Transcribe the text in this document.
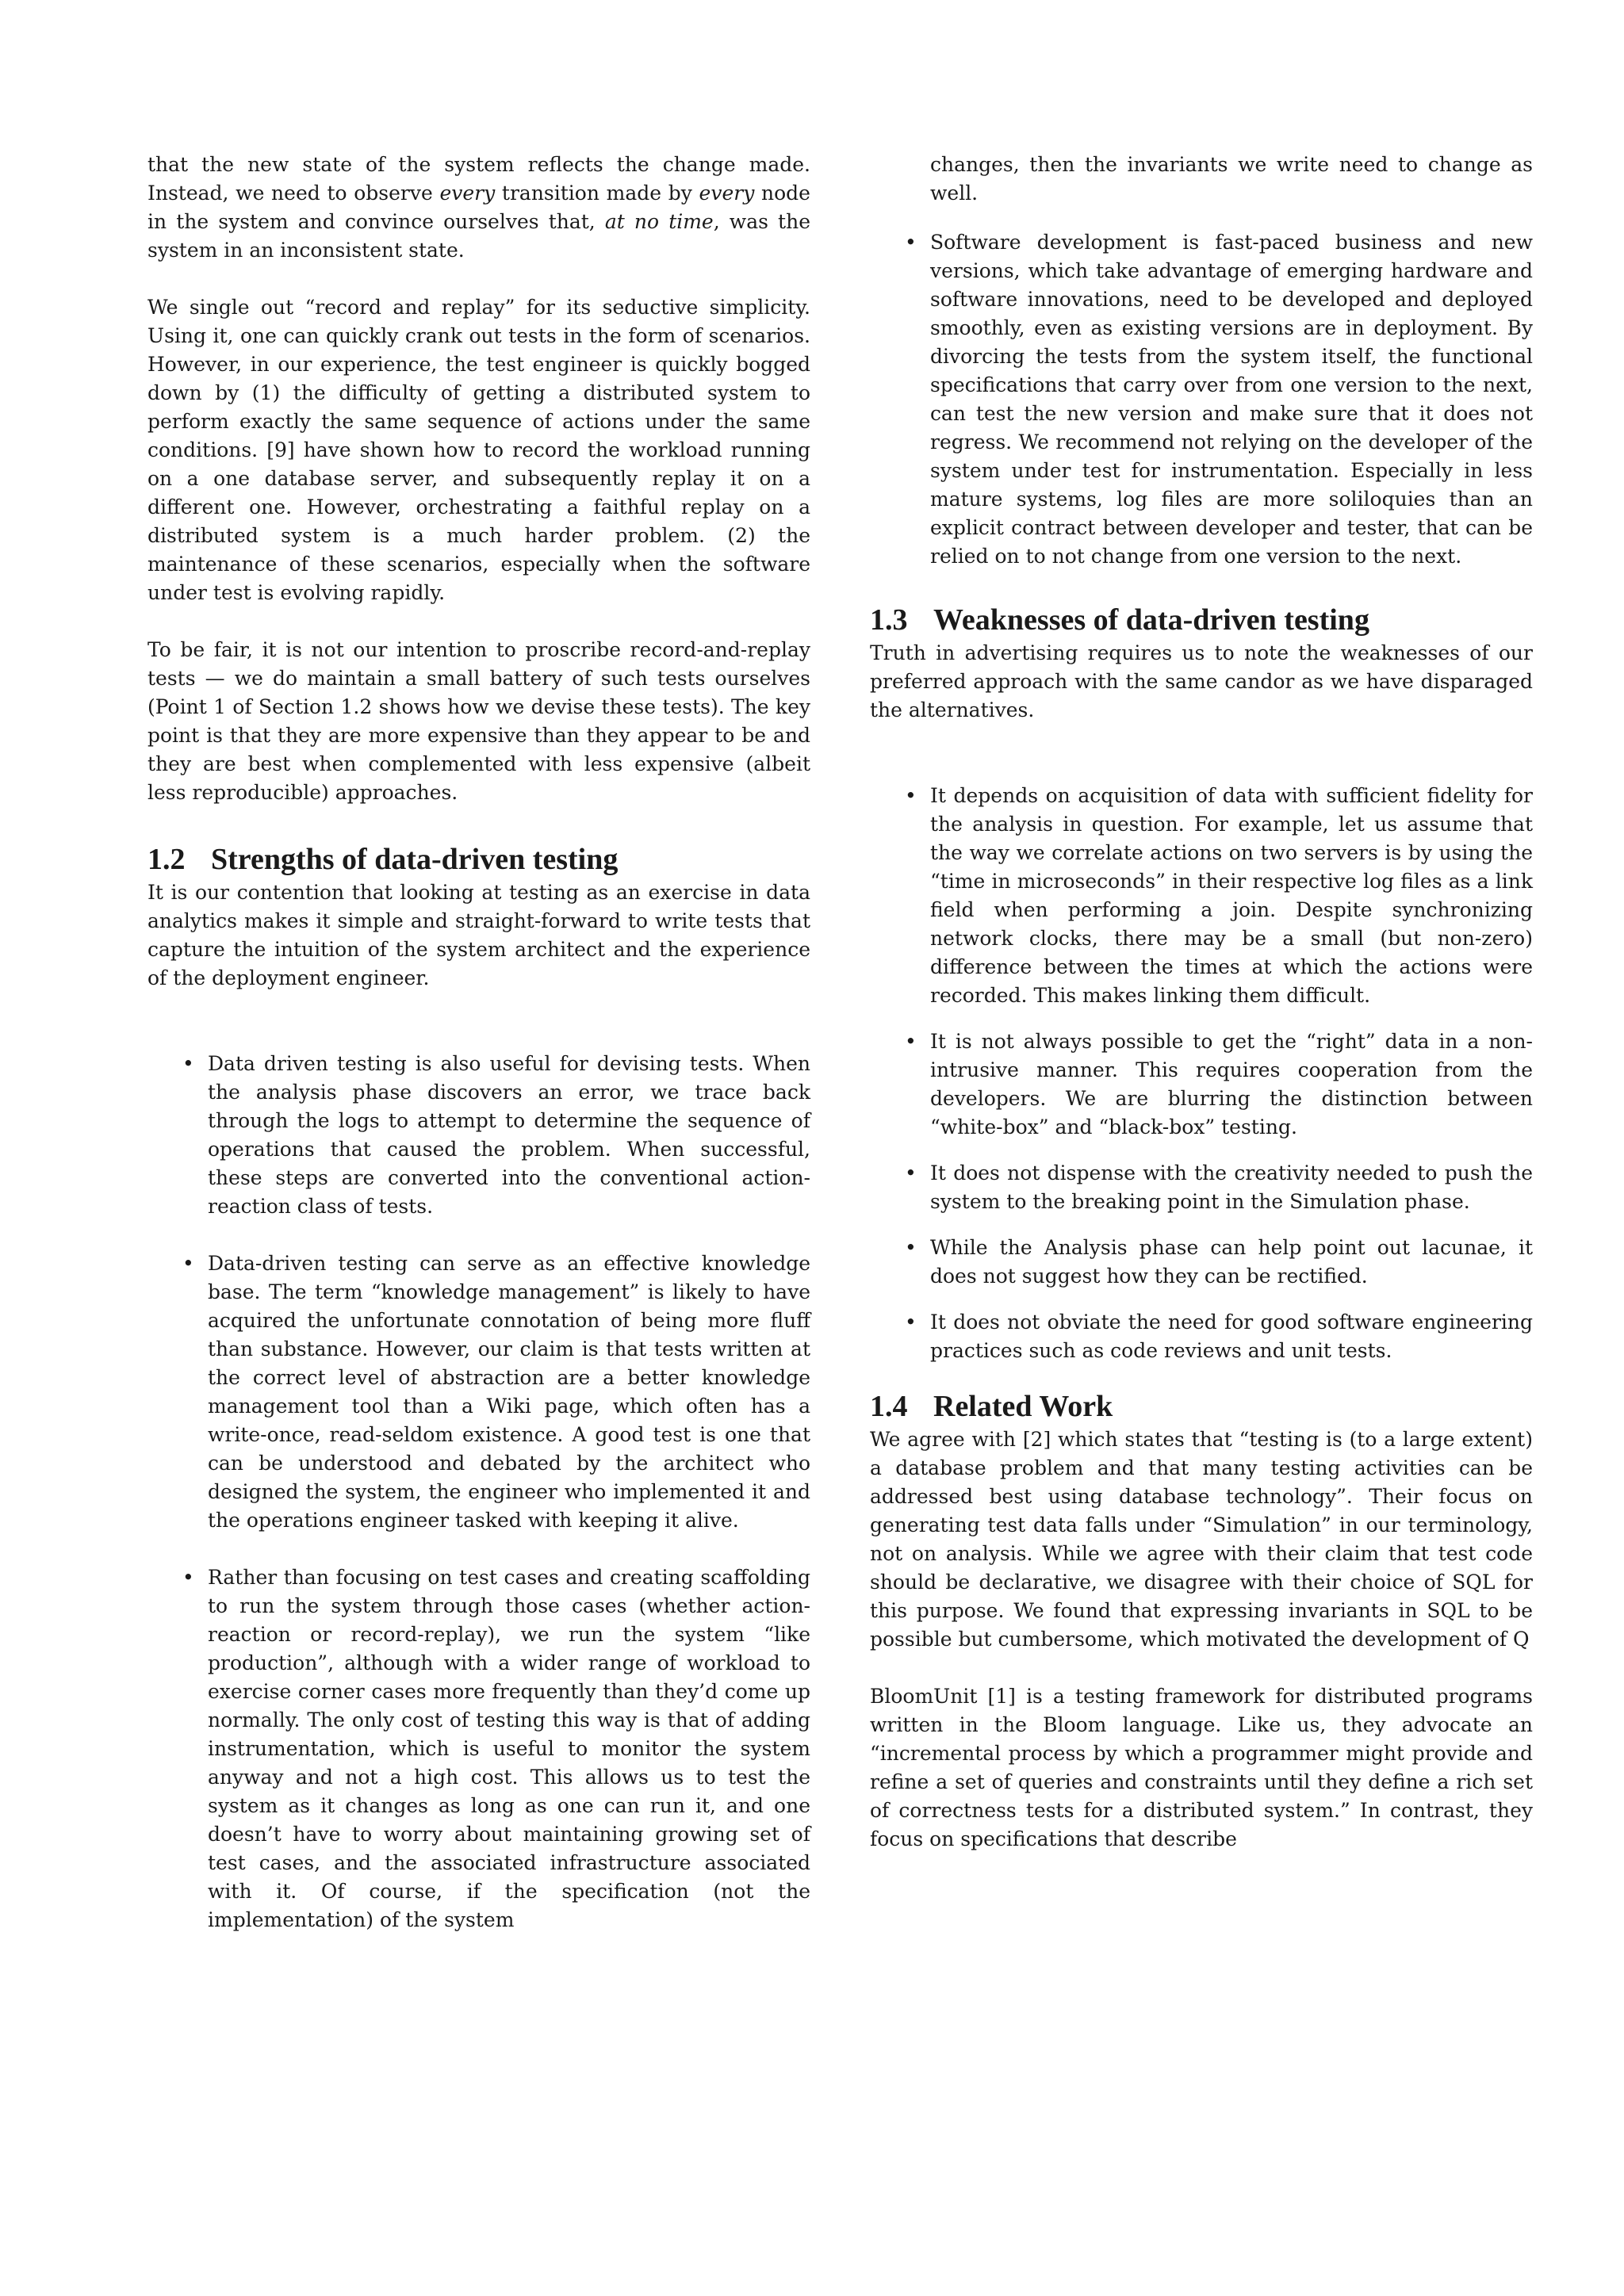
that the new state of the system reflects the change made. Instead, we need to observe every transition made by every node in the system and convince ourselves that, at no time, was the system in an inconsistent state.

We single out “record and replay” for its seductive simplicity. Using it, one can quickly crank out tests in the form of scenarios. However, in our experience, the test engineer is quickly bogged down by (1) the difficulty of getting a distributed system to perform exactly the same sequence of actions under the same conditions. [9] have shown how to record the workload running on a one database server, and subsequently replay it on a different one. However, orchestrating a faithful replay on a distributed system is a much harder problem. (2) the maintenance of these scenarios, especially when the software under test is evolving rapidly.

To be fair, it is not our intention to proscribe record-and-replay tests — we do maintain a small battery of such tests ourselves (Point 1 of Section 1.2 shows how we devise these tests). The key point is that they are more expensive than they appear to be and they are best when complemented with less expensive (albeit less reproducible) approaches.

1.2 Strengths of data-driven testing

It is our contention that looking at testing as an exercise in data analytics makes it simple and straight-forward to write tests that capture the intuition of the system architect and the experience of the deployment engineer.

• Data driven testing is also useful for devising tests. When the analysis phase discovers an error, we trace back through the logs to attempt to determine the sequence of operations that caused the problem. When successful, these steps are converted into the conventional action-reaction class of tests.
• Data-driven testing can serve as an effective knowledge base. The term “knowledge management” is likely to have acquired the unfortunate connotation of being more fluff than substance. However, our claim is that tests written at the correct level of abstraction are a better knowledge management tool than a Wiki page, which often has a write-once, read-seldom existence. A good test is one that can be understood and debated by the architect who designed the system, the engineer who implemented it and the operations engineer tasked with keeping it alive.
• Rather than focusing on test cases and creating scaffolding to run the system through those cases (whether action-reaction or record-replay), we run the system “like production”, although with a wider range of workload to exercise corner cases more frequently than they’d come up normally. The only cost of testing this way is that of adding instrumentation, which is useful to monitor the system anyway and not a high cost. This allows us to test the system as it changes as long as one can run it, and one doesn’t have to worry about maintaining growing set of test cases, and the associated infrastructure associated with it. Of course, if the specification (not the implementation) of the system
changes, then the invariants we write need to change as well.
• Software development is fast-paced business and new versions, which take advantage of emerging hardware and software innovations, need to be developed and deployed smoothly, even as existing versions are in deployment. By divorcing the tests from the system itself, the functional specifications that carry over from one version to the next, can test the new version and make sure that it does not regress. We recommend not relying on the developer of the system under test for instrumentation. Especially in less mature systems, log files are more soliloquies than an explicit contract between developer and tester, that can be relied on to not change from one version to the next.
1.3 Weaknesses of data-driven testing

Truth in advertising requires us to note the weaknesses of our preferred approach with the same candor as we have disparaged the alternatives.

• It depends on acquisition of data with sufficient fidelity for the analysis in question. For example, let us assume that the way we correlate actions on two servers is by using the “time in microseconds” in their respective log files as a link field when performing a join. Despite synchronizing network clocks, there may be a small (but non-zero) difference between the times at which the actions were recorded. This makes linking them difficult.
• It is not always possible to get the “right” data in a non-intrusive manner. This requires cooperation from the developers. We are blurring the distinction between “white-box” and “black-box” testing.
• It does not dispense with the creativity needed to push the system to the breaking point in the Simulation phase.
• While the Analysis phase can help point out lacunae, it does not suggest how they can be rectified.
• It does not obviate the need for good software engineering practices such as code reviews and unit tests.
1.4 Related Work

We agree with [2] which states that “testing is (to a large extent) a database problem and that many testing activities can be addressed best using database technology”. Their focus on generating test data falls under “Simulation” in our terminology, not on analysis. While we agree with their claim that test code should be declarative, we disagree with their choice of SQL for this purpose. We found that expressing invariants in SQL to be possible but cumbersome, which motivated the development of Q

BloomUnit [1] is a testing framework for distributed programs written in the Bloom language. Like us, they advocate an “incremental process by which a programmer might provide and refine a set of queries and constraints until they define a rich set of correctness tests for a distributed system.” In contrast, they focus on specifications that describe
